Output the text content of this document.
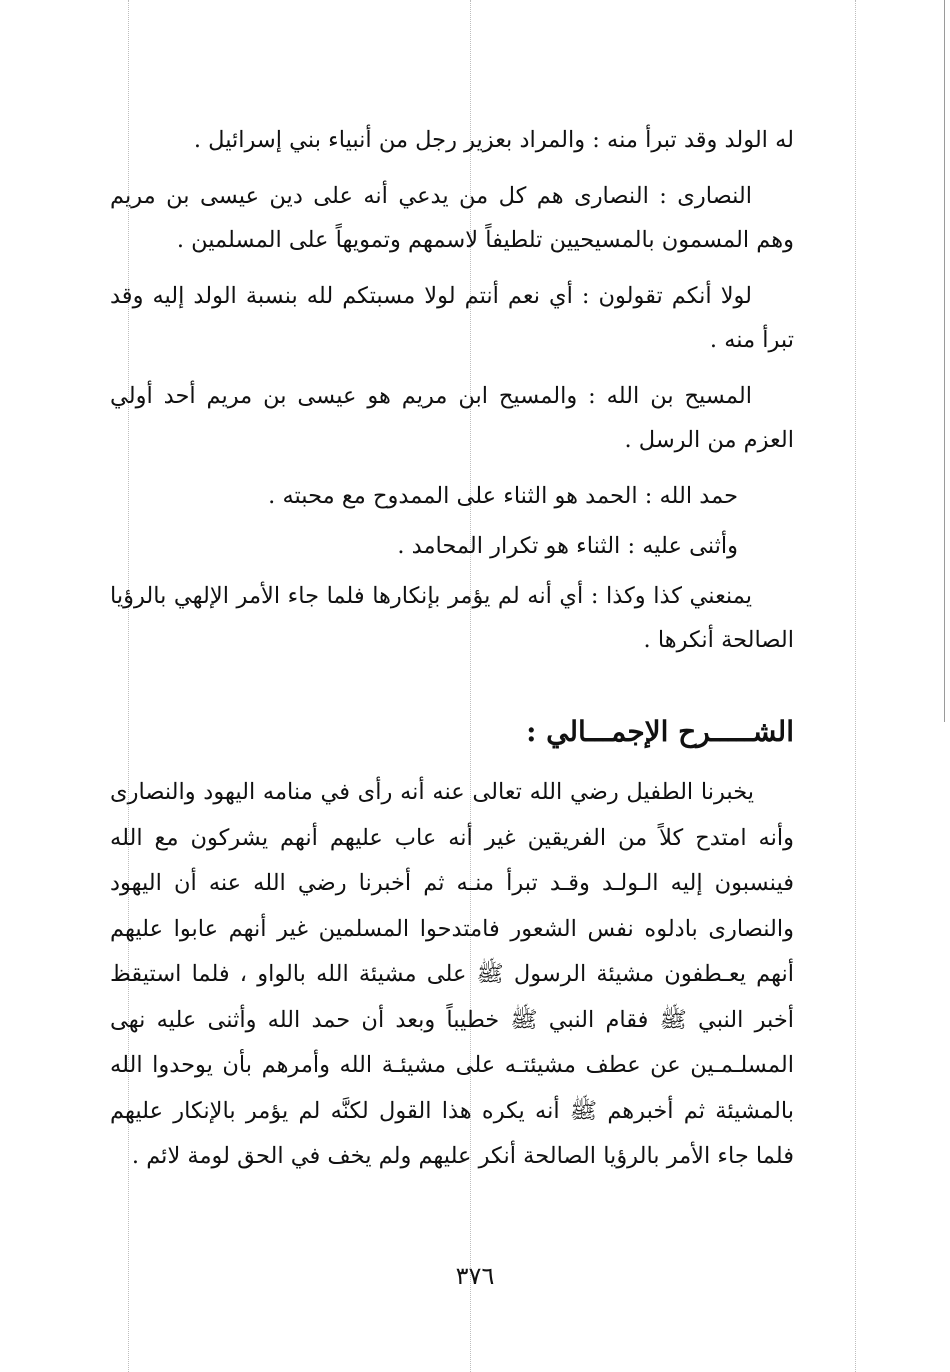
له الولد وقد تبرأ منه : والمراد بعزير رجل من أنبياء بني إسرائيل .

النصارى : النصارى هم كل من يدعي أنه على دين عيسى بن مريم وهم المسمون بالمسيحيين تلطيفاً لاسمهم وتمويهاً على المسلمين .

لولا أنكم تقولون : أي نعم أنتم لولا مسبتكم لله بنسبة الولد إليه وقد تبرأ منه .

المسيح بن الله : والمسيح ابن مريم هو عيسى بن مريم أحد أولي العزم من الرسل .

حمد الله : الحمد هو الثناء على الممدوح مع محبته .

وأثنى عليه : الثناء هو تكرار المحامد .

يمنعني كذا وكذا : أي أنه لم يؤمر بإنكارها فلما جاء الأمر الإلهي بالرؤيا الصالحة أنكرها .

الشـــــرح الإجمـــالي :

يخبرنا الطفيل رضي الله تعالى عنه أنه رأى في منامه اليهود والنصارى وأنه امتدح كلاً من الفريقين غير أنه عاب عليهم أنهم يشركون مع الله فينسبون إليه الـولـد وقـد تبرأ منـه ثم أخبرنا رضي الله عنه أن اليهود والنصارى بادلوه نفس الشعور فامتدحوا المسلمين غير أنهم عابوا عليهم أنهم يعـطفون مشيئة الرسول ﷺ على مشيئة الله بالواو ، فلما استيقظ أخبر النبي ﷺ فقام النبي ﷺ خطيباً وبعد أن حمد الله وأثنى عليه نهى المسلـمـين عن عطف مشيئتـه على مشيئـة الله وأمرهم بأن يوحدوا الله بالمشيئة ثم أخبرهم ﷺ أنه يكره هذا القول لكنَّه لم يؤمر بالإنكار عليهم فلما جاء الأمر بالرؤيا الصالحة أنكر عليهم ولم يخف في الحق لومة لائم .

٣٧٦
